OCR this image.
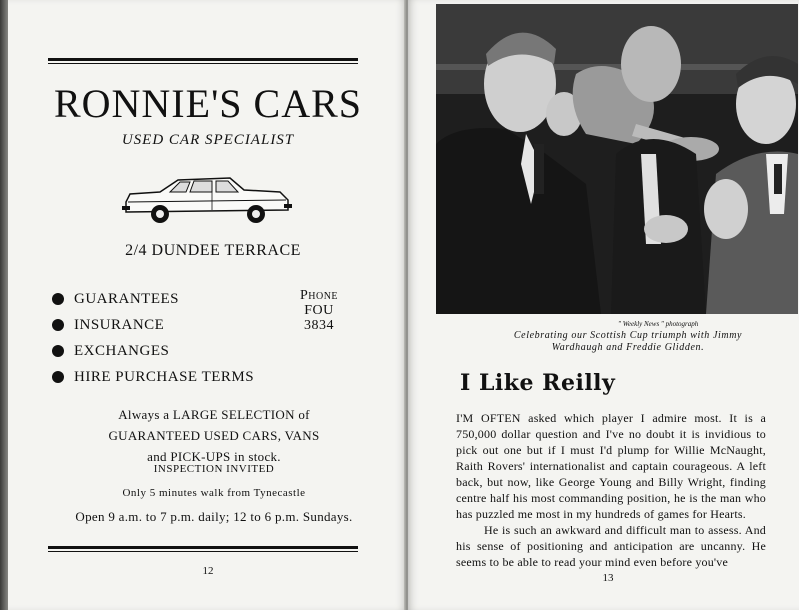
RONNIE'S CARS
USED CAR SPECIALIST
2/4 DUNDEE TERRACE
GUARANTEES
INSURANCE
EXCHANGES
HIRE PURCHASE TERMS
Phone
FOU
3834
Always a LARGE SELECTION of
GUARANTEED USED CARS, VANS
and PICK-UPS in stock.
INSPECTION INVITED
Only 5 minutes walk from Tynecastle
Open 9 a.m. to 7 p.m. daily; 12 to 6 p.m. Sundays.
12
" Weekly News " photograph
Celebrating our Scottish Cup triumph with Jimmy Wardhaugh and Freddie Glidden.
I Like Reilly
I'M OFTEN asked which player I admire most. It is a 750,000 dollar question and I've no doubt it is invidious to pick out one but if I must I'd plump for Willie McNaught, Raith Rovers' internationalist and captain courageous. A left back, but now, like George Young and Billy Wright, finding centre half his most commanding position, he is the man who has puzzled me most in my hundreds of games for Hearts.
He is such an awkward and difficult man to assess. And his sense of positioning and anticipation are uncanny. He seems to be able to read your mind even before you've
13
